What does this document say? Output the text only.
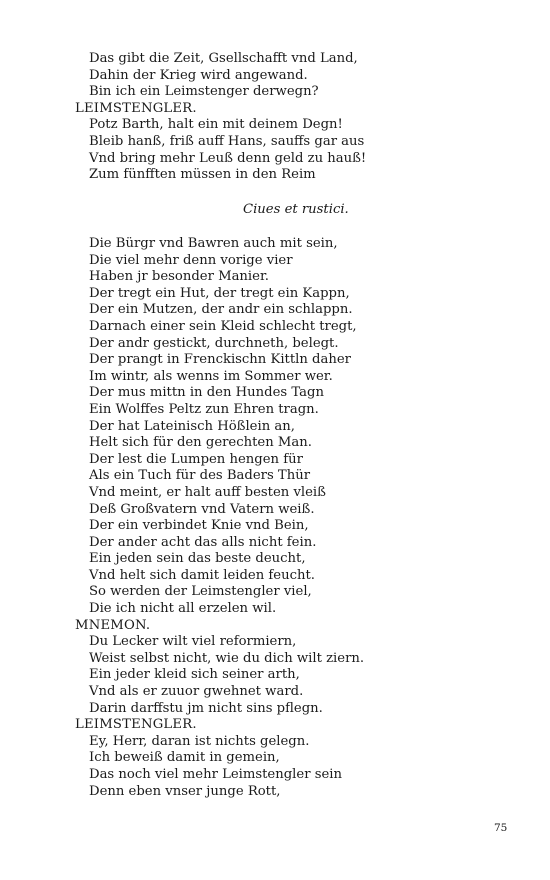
Das gibt die Zeit, Gsellschafft vnd Land,
Dahin der Krieg wird angewand.
Bin ich ein Leimstenger derwegn?
LEIMSTENGLER.
Potz Barth, halt ein mit deinem Degn!
Bleib hanß, friß auff Hans, sauffs gar aus
Vnd bring mehr Leuß denn geld zu hauß!
Zum fünfften müssen in den Reim
Ciues et rustici.
Die Bürgr vnd Bawren auch mit sein,
Die viel mehr denn vorige vier
Haben jr besonder Manier.
Der tregt ein Hut, der tregt ein Kappn,
Der ein Mutzen, der andr ein schlappn.
Darnach einer sein Kleid schlecht tregt,
Der andr gestickt, durchneth, belegt.
Der prangt in Frenckischn Kittln daher
Im wintr, als wenns im Sommer wer.
Der mus mittn in den Hundes Tagn
Ein Wolffes Peltz zun Ehren tragn.
Der hat Lateinisch Hößlein an,
Helt sich für den gerechten Man.
Der lest die Lumpen hengen für
Als ein Tuch für des Baders Thür
Vnd meint, er halt auff besten vleiß
Deß Großvatern vnd Vatern weiß.
Der ein verbindet Knie vnd Bein,
Der ander acht das alls nicht fein.
Ein jeden sein das beste deucht,
Vnd helt sich damit leiden feucht.
So werden der Leimstengler viel,
Die ich nicht all erzelen wil.
MNEMON.
Du Lecker wilt viel reformiern,
Weist selbst nicht, wie du dich wilt ziern.
Ein jeder kleid sich seiner arth,
Vnd als er zuuor gwehnet ward.
Darin darffstu jm nicht sins pflegn.
LEIMSTENGLER.
Ey, Herr, daran ist nichts gelegn.
Ich beweiß damit in gemein,
Das noch viel mehr Leimstengler sein
Denn eben vnser junge Rott,
75
